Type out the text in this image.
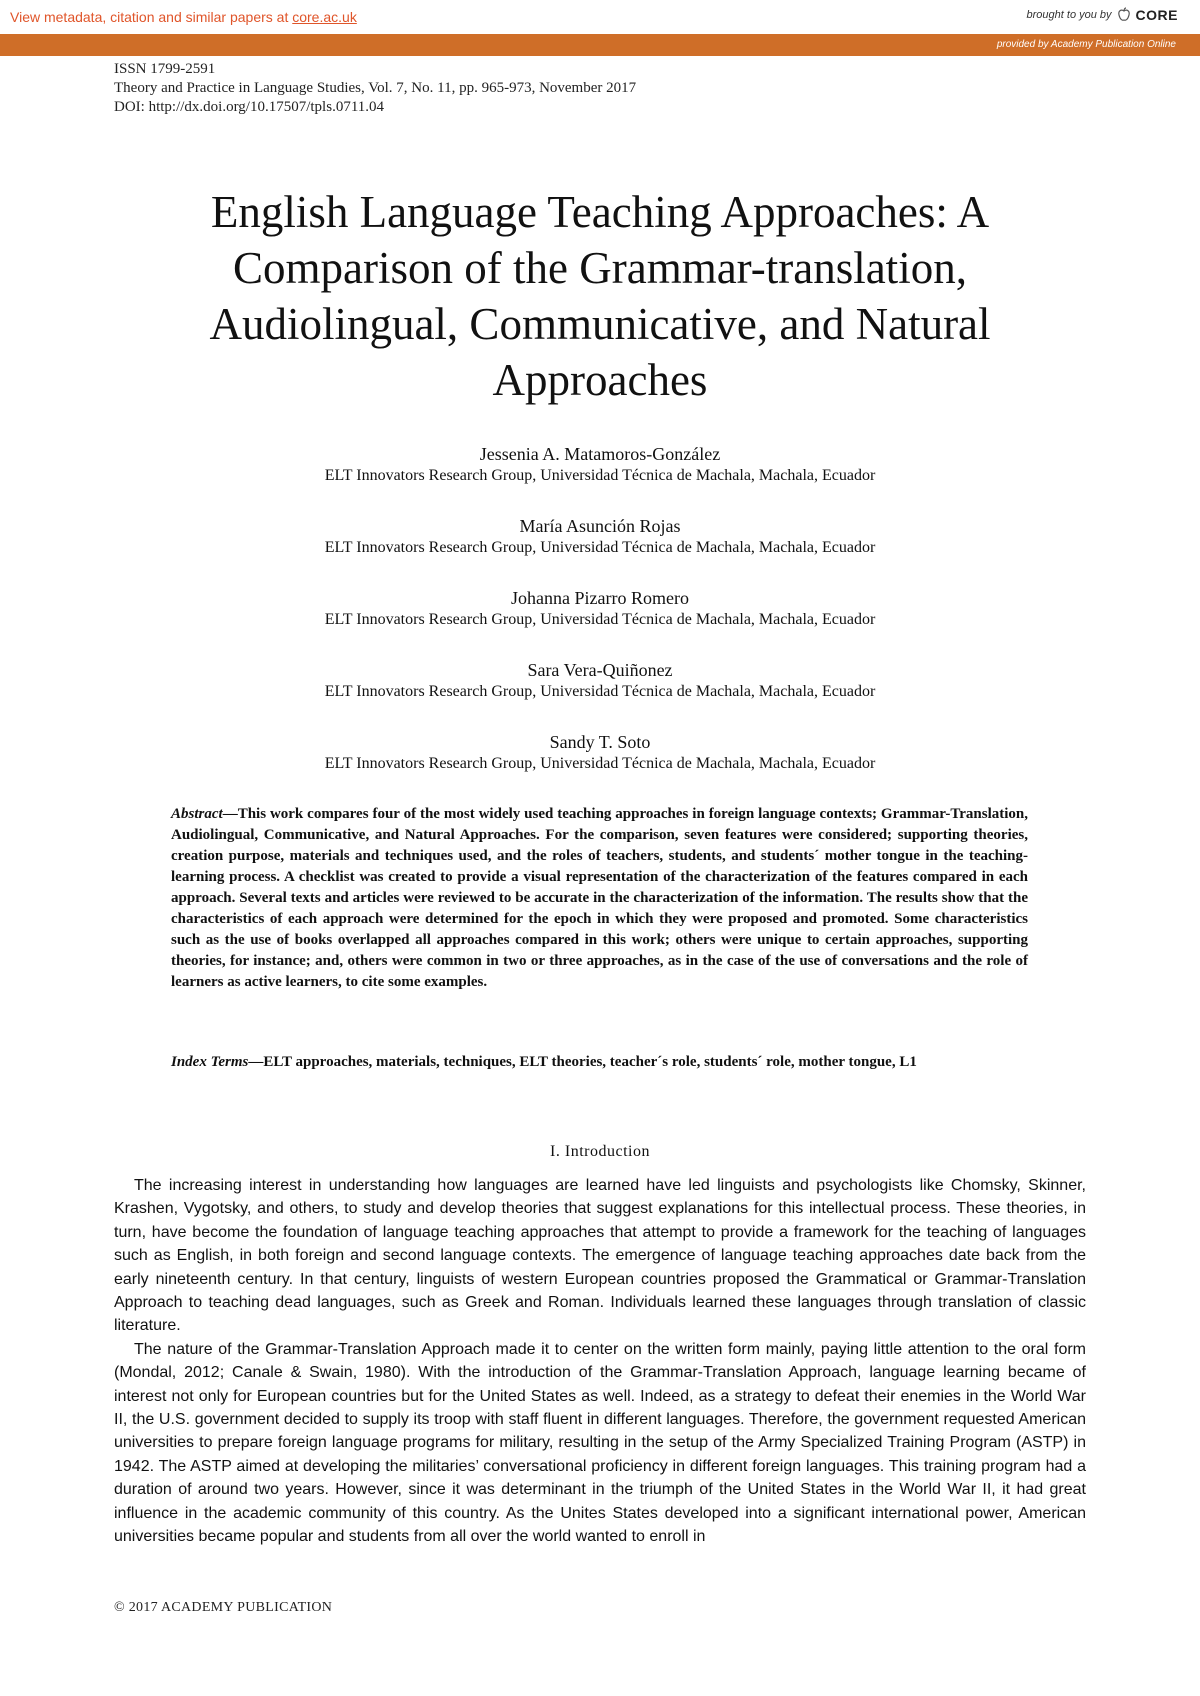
View metadata, citation and similar papers at core.ac.uk	brought to you by CORE
provided by Academy Publication Online
ISSN 1799-2591
Theory and Practice in Language Studies, Vol. 7, No. 11, pp. 965-973, November 2017
DOI: http://dx.doi.org/10.17507/tpls.0711.04
English Language Teaching Approaches: A
Comparison of the Grammar-translation,
Audiolingual, Communicative, and Natural
Approaches
Jessenia A. Matamoros-González
ELT Innovators Research Group, Universidad Técnica de Machala, Machala, Ecuador
María Asunción Rojas
ELT Innovators Research Group, Universidad Técnica de Machala, Machala, Ecuador
Johanna Pizarro Romero
ELT Innovators Research Group, Universidad Técnica de Machala, Machala, Ecuador
Sara Vera-Quiñonez
ELT Innovators Research Group, Universidad Técnica de Machala, Machala, Ecuador
Sandy T. Soto
ELT Innovators Research Group, Universidad Técnica de Machala, Machala, Ecuador
Abstract—This work compares four of the most widely used teaching approaches in foreign language contexts; Grammar-Translation, Audiolingual, Communicative, and Natural Approaches. For the comparison, seven features were considered; supporting theories, creation purpose, materials and techniques used, and the roles of teachers, students, and students´ mother tongue in the teaching-learning process. A checklist was created to provide a visual representation of the characterization of the features compared in each approach. Several texts and articles were reviewed to be accurate in the characterization of the information. The results show that the characteristics of each approach were determined for the epoch in which they were proposed and promoted. Some characteristics such as the use of books overlapped all approaches compared in this work; others were unique to certain approaches, supporting theories, for instance; and, others were common in two or three approaches, as in the case of the use of conversations and the role of learners as active learners, to cite some examples.
Index Terms—ELT approaches, materials, techniques, ELT theories, teacher´s role, students´ role, mother tongue, L1
I. Introduction

The increasing interest in understanding how languages are learned have led linguists and psychologists like Chomsky, Skinner, Krashen, Vygotsky, and others, to study and develop theories that suggest explanations for this intellectual process. These theories, in turn, have become the foundation of language teaching approaches that attempt to provide a framework for the teaching of languages such as English, in both foreign and second language contexts. The emergence of language teaching approaches date back from the early nineteenth century. In that century, linguists of western European countries proposed the Grammatical or Grammar-Translation Approach to teaching dead languages, such as Greek and Roman. Individuals learned these languages through translation of classic literature.

The nature of the Grammar-Translation Approach made it to center on the written form mainly, paying little attention to the oral form (Mondal, 2012; Canale & Swain, 1980). With the introduction of the Grammar-Translation Approach, language learning became of interest not only for European countries but for the United States as well. Indeed, as a strategy to defeat their enemies in the World War II, the U.S. government decided to supply its troop with staff fluent in different languages. Therefore, the government requested American universities to prepare foreign language programs for military, resulting in the setup of the Army Specialized Training Program (ASTP) in 1942. The ASTP aimed at developing the militaries’ conversational proficiency in different foreign languages. This training program had a duration of around two years. However, since it was determinant in the triumph of the United States in the World War II, it had great influence in the academic community of this country. As the Unites States developed into a significant international power, American universities became popular and students from all over the world wanted to enroll in

© 2017 ACADEMY PUBLICATION
